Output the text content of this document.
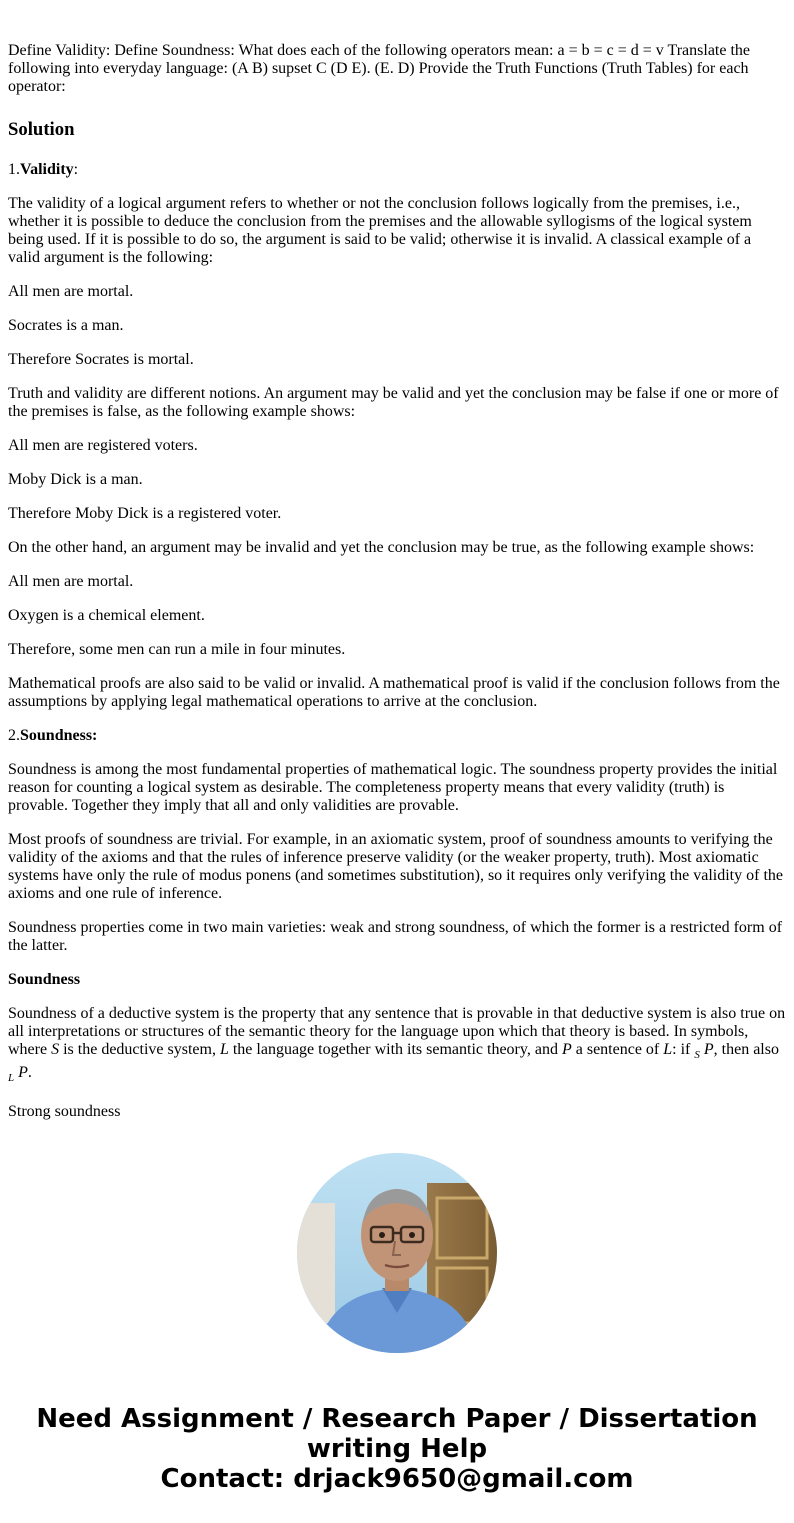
Define Validity: Define Soundness: What does each of the following operators mean: a = b = c = d = v Translate the following into everyday language: (A B) supset C (D E). (E. D) Provide the Truth Functions (Truth Tables) for each operator:

Solution

1.Validity:

The validity of a logical argument refers to whether or not the conclusion follows logically from the premises, i.e., whether it is possible to deduce the conclusion from the premises and the allowable syllogisms of the logical system being used. If it is possible to do so, the argument is said to be valid; otherwise it is invalid. A classical example of a valid argument is the following:

All men are mortal.

Socrates is a man.

Therefore Socrates is mortal.

Truth and validity are different notions. An argument may be valid and yet the conclusion may be false if one or more of the premises is false, as the following example shows:

All men are registered voters.

Moby Dick is a man.

Therefore Moby Dick is a registered voter.

On the other hand, an argument may be invalid and yet the conclusion may be true, as the following example shows:

All men are mortal.

Oxygen is a chemical element.

Therefore, some men can run a mile in four minutes.

Mathematical proofs are also said to be valid or invalid. A mathematical proof is valid if the conclusion follows from the assumptions by applying legal mathematical operations to arrive at the conclusion.

2.Soundness:

Soundness is among the most fundamental properties of mathematical logic. The soundness property provides the initial reason for counting a logical system as desirable. The completeness property means that every validity (truth) is provable. Together they imply that all and only validities are provable.

Most proofs of soundness are trivial. For example, in an axiomatic system, proof of soundness amounts to verifying the validity of the axioms and that the rules of inference preserve validity (or the weaker property, truth). Most axiomatic systems have only the rule of modus ponens (and sometimes substitution), so it requires only verifying the validity of the axioms and one rule of inference.

Soundness properties come in two main varieties: weak and strong soundness, of which the former is a restricted form of the latter.

Soundness

Soundness of a deductive system is the property that any sentence that is provable in that deductive system is also true on all interpretations or structures of the semantic theory for the language upon which that theory is based. In symbols, where S is the deductive system, L the language together with its semantic theory, and P a sentence of L: if $_S$ P, then also $_L$ P.

Strong soundness

Need Assignment / Research Paper / Dissertation
writing Help
Contact: drjack9650@gmail.com
